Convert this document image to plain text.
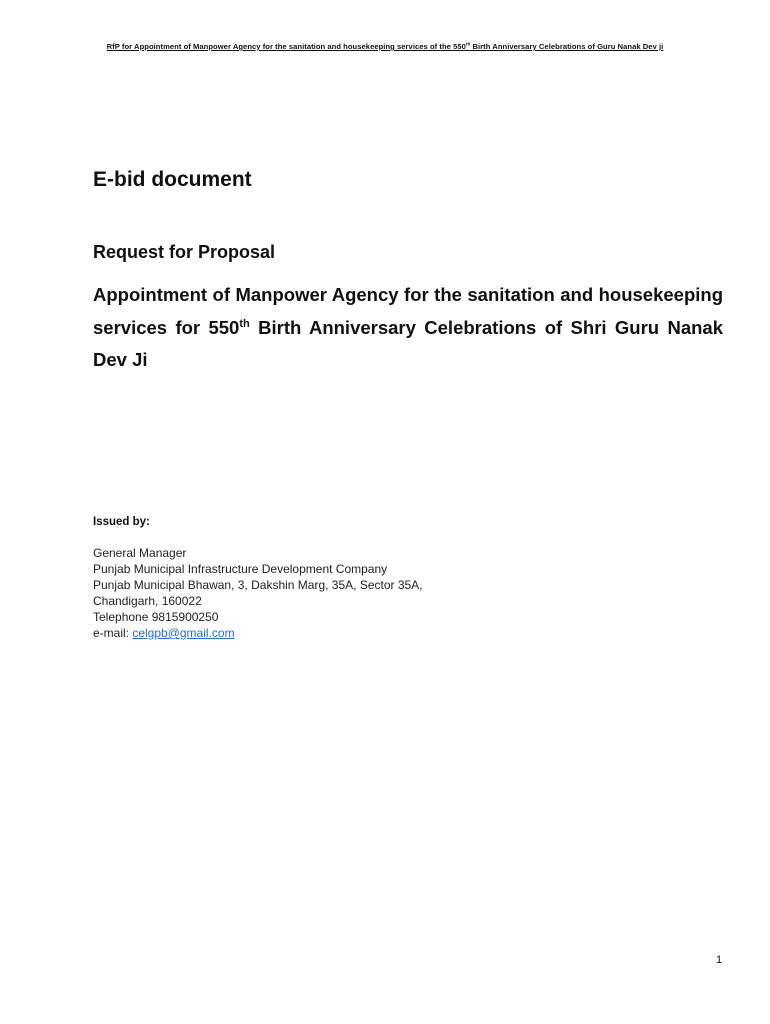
RfP for Appointment of Manpower Agency for the sanitation and housekeeping services of the 550th Birth Anniversary Celebrations of Guru Nanak Dev ji
E-bid document
Request for Proposal

Appointment of Manpower Agency for the sanitation and housekeeping services for 550th Birth Anniversary Celebrations of Shri Guru Nanak Dev Ji

Issued by:

General Manager
Punjab Municipal Infrastructure Development Company
Punjab Municipal Bhawan, 3, Dakshin Marg, 35A, Sector 35A,
Chandigarh, 160022
Telephone 9815900250
e-mail: celgpb@gmail.com
1
